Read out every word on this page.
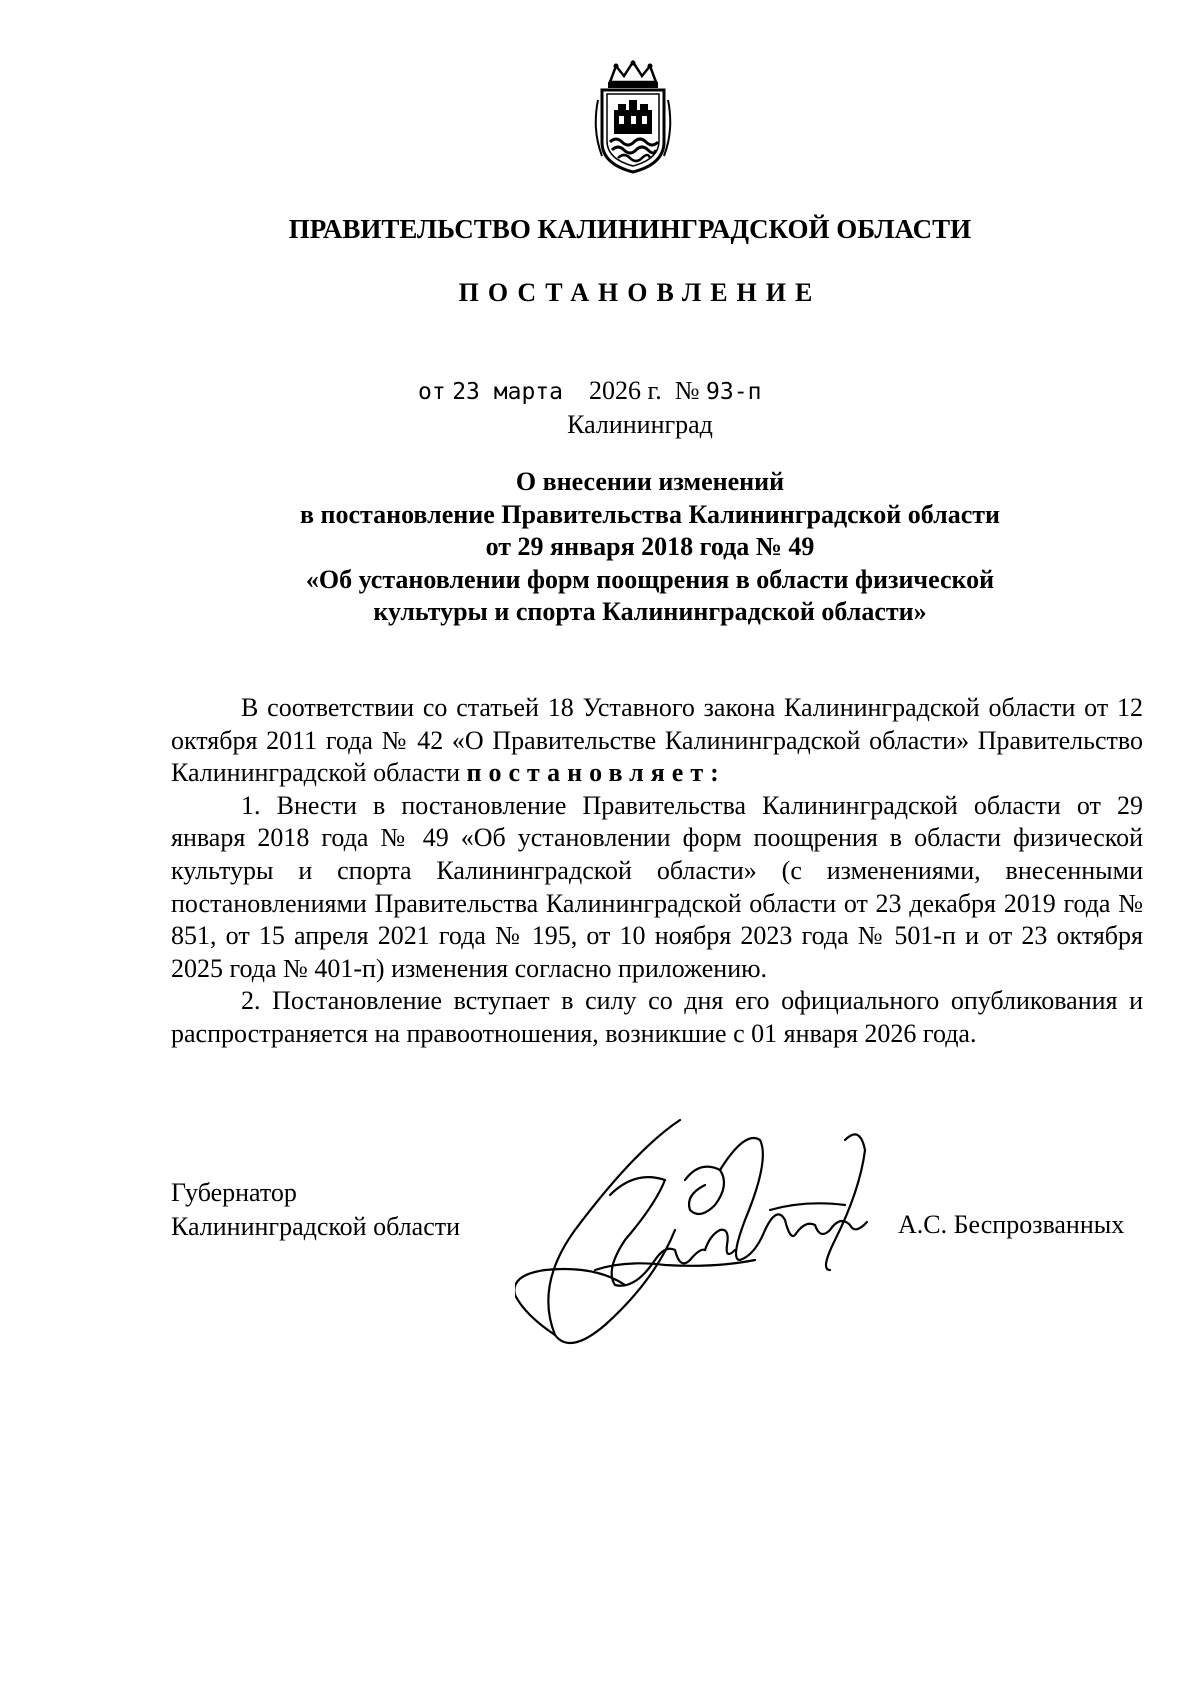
ПРАВИТЕЛЬСТВО КАЛИНИНГРАДСКОЙ ОБЛАСТИ
ПОСТАНОВЛЕНИЕ
от 23 марта 2026 г. № 93-п
Калининград
О внесении изменений
в постановление Правительства Калининградской области
от 29 января 2018 года № 49
«Об установлении форм поощрения в области физической
культуры и спорта Калининградской области»

В соответствии со статьей 18 Уставного закона Калининградской области от 12 октября 2011 года № 42 «О Правительстве Калининградской области» Правительство Калининградской области постановляет:

1. Внести в постановление Правительства Калининградской области от 29 января 2018 года № 49 «Об установлении форм поощрения в области физической культуры и спорта Калининградской области» (с изменениями, внесенными постановлениями Правительства Калининградской области от 23 декабря 2019 года № 851, от 15 апреля 2021 года № 195, от 10 ноября 2023 года № 501-п и от 23 октября 2025 года № 401-п) изменения согласно приложению.

2. Постановление вступает в силу со дня его официального опубликования и распространяется на правоотношения, возникшие с 01 января 2026 года.

Губернатор
Калининградской области	А.С. Беспрозванных
